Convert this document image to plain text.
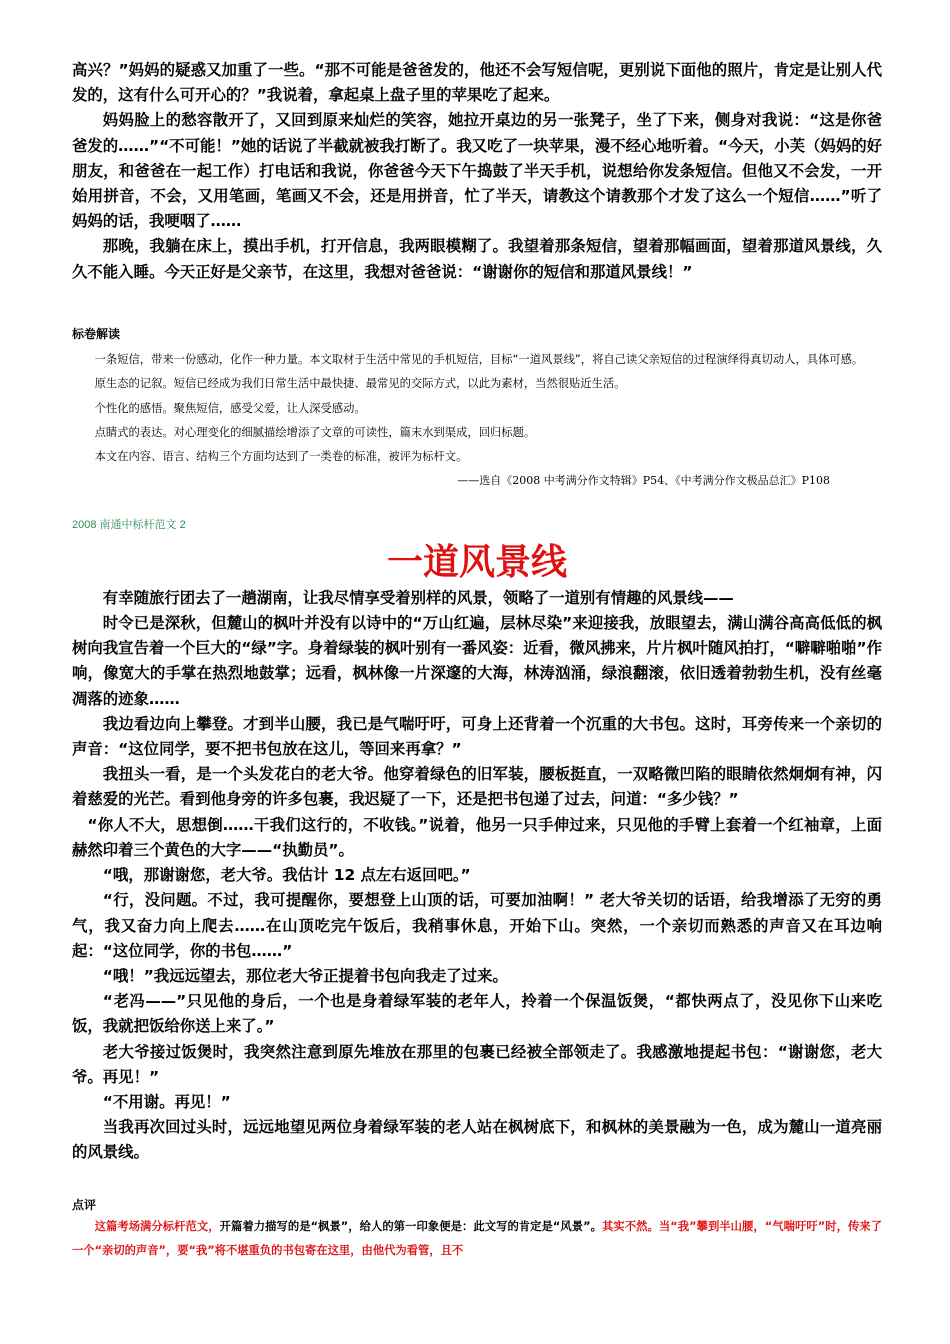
高兴？”妈妈的疑惑又加重了一些。“那不可能是爸爸发的，他还不会写短信呢，更别说下面他的照片，肯定是让别人代发的，这有什么可开心的？”我说着，拿起桌上盘子里的苹果吃了起来。

妈妈脸上的愁容散开了，又回到原来灿烂的笑容，她拉开桌边的另一张凳子，坐了下来，侧身对我说：“这是你爸爸发的……”“不可能！”她的话说了半截就被我打断了。我又吃了一块苹果，漫不经心地听着。“今天，小芙（妈妈的好朋友，和爸爸在一起工作）打电话和我说，你爸爸今天下午捣鼓了半天手机，说想给你发条短信。但他又不会发，一开始用拼音，不会，又用笔画，笔画又不会，还是用拼音，忙了半天，请教这个请教那个才发了这么一个短信……”听了妈妈的话，我哽咽了……

那晚，我躺在床上，摸出手机，打开信息，我两眼模糊了。我望着那条短信，望着那幅画面，望着那道风景线，久久不能入睡。今天正好是父亲节，在这里，我想对爸爸说：“谢谢你的短信和那道风景线！”

标卷解读

一条短信，带来一份感动，化作一种力量。本文取材于生活中常见的手机短信，目标“一道风景线”，将自己读父亲短信的过程演绎得真切动人，具体可感。

原生态的记叙。短信已经成为我们日常生活中最快捷、最常见的交际方式，以此为素材，当然很贴近生活。

个性化的感悟。聚焦短信，感受父爱，让人深受感动。

点睛式的表达。对心理变化的细腻描绘增添了文章的可读性，篇末水到渠成，回归标题。

本文在内容、语言、结构三个方面均达到了一类卷的标准，被评为标杆文。

——选自《2008 中考满分作文特辑》P54、《中考满分作文极品总汇》P108

2008 南通中标杆范文 2

一道风景线

有幸随旅行团去了一趟湖南，让我尽情享受着别样的风景，领略了一道别有情趣的风景线——

时令已是深秋，但麓山的枫叶并没有以诗中的“万山红遍，层林尽染”来迎接我，放眼望去，满山满谷高高低低的枫树向我宣告着一个巨大的“绿”字。身着绿装的枫叶别有一番风姿：近看，微风拂来，片片枫叶随风拍打，“噼噼啪啪”作响，像宽大的手掌在热烈地鼓掌；远看，枫林像一片深邃的大海，林涛汹涌，绿浪翻滚，依旧透着勃勃生机，没有丝毫凋落的迹象……

我边看边向上攀登。才到半山腰，我已是气喘吁吁，可身上还背着一个沉重的大书包。这时，耳旁传来一个亲切的声音：“这位同学，要不把书包放在这儿，等回来再拿？”

我扭头一看，是一个头发花白的老大爷。他穿着绿色的旧军装，腰板挺直，一双略微凹陷的眼睛依然炯炯有神，闪着慈爱的光芒。看到他身旁的许多包裹，我迟疑了一下，还是把书包递了过去，问道：“多少钱？”

“你人不大，思想倒……干我们这行的，不收钱。”说着，他另一只手伸过来，只见他的手臂上套着一个红袖章，上面赫然印着三个黄色的大字——“执勤员”。

“哦，那谢谢您，老大爷。我估计 12 点左右返回吧。”

“行，没问题。不过，我可提醒你，要想登上山顶的话，可要加油啊！” 老大爷关切的话语，给我增添了无穷的勇气，我又奋力向上爬去……在山顶吃完午饭后，我稍事休息，开始下山。突然，一个亲切而熟悉的声音又在耳边响起：“这位同学，你的书包……”

“哦！”我远远望去，那位老大爷正提着书包向我走了过来。

“老冯——”只见他的身后，一个也是身着绿军装的老年人，拎着一个保温饭煲，“都快两点了，没见你下山来吃饭，我就把饭给你送上来了。”

老大爷接过饭煲时，我突然注意到原先堆放在那里的包裹已经被全部领走了。我感激地提起书包：“谢谢您，老大爷。再见！”

“不用谢。再见！”

当我再次回过头时，远远地望见两位身着绿军装的老人站在枫树底下，和枫林的美景融为一色，成为麓山一道亮丽的风景线。

点评

这篇考场满分标杆范文，开篇着力描写的是“枫景”，给人的第一印象便是：此文写的肯定是“风景”。其实不然。当“我”攀到半山腰，“气喘吁吁”时，传来了一个“亲切的声音”，要“我”将不堪重负的书包寄在这里，由他代为看管，且不
